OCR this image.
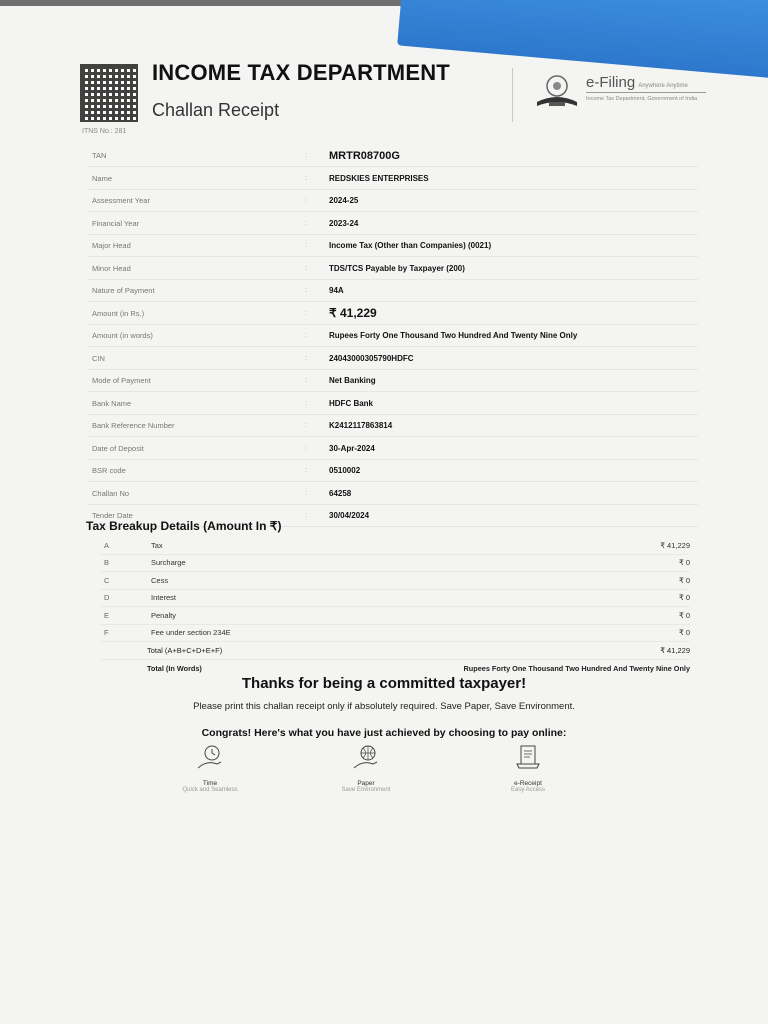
ITNS No.: 281
INCOME TAX DEPARTMENT
Challan Receipt
e-Filing Anywhere Anytime
Income Tax Department, Government of India
TAN	:	MRTR08700G
Name	:	REDSKIES ENTERPRISES
Assessment Year	:	2024-25
Financial Year	:	2023-24
Major Head	:	Income Tax (Other than Companies) (0021)
Minor Head	:	TDS/TCS Payable by Taxpayer (200)
Nature of Payment	:	94A
Amount (in Rs.)	:	₹ 41,229
Amount (in words)	:	Rupees Forty One Thousand Two Hundred And Twenty Nine Only
CIN	:	24043000305790HDFC
Mode of Payment	:	Net Banking
Bank Name	:	HDFC Bank
Bank Reference Number	:	K2412117863814
Date of Deposit	:	30-Apr-2024
BSR code	:	0510002
Challan No	:	64258
Tender Date	:	30/04/2024
Tax Breakup Details (Amount In ₹)
A	Tax	₹ 41,229
B	Surcharge	₹ 0
C	Cess	₹ 0
D	Interest	₹ 0
E	Penalty	₹ 0
F	Fee under section 234E	₹ 0
Total (A+B+C+D+E+F)	₹ 41,229
Total (In Words)	Rupees Forty One Thousand Two Hundred And Twenty Nine Only
Thanks for being a committed taxpayer!
Please print this challan receipt only if absolutely required. Save Paper, Save Environment.
Congrats! Here's what you have just achieved by choosing to pay online:
Time
Quick and Seamless
Paper
Save Environment
e-Receipt
Easy Access
